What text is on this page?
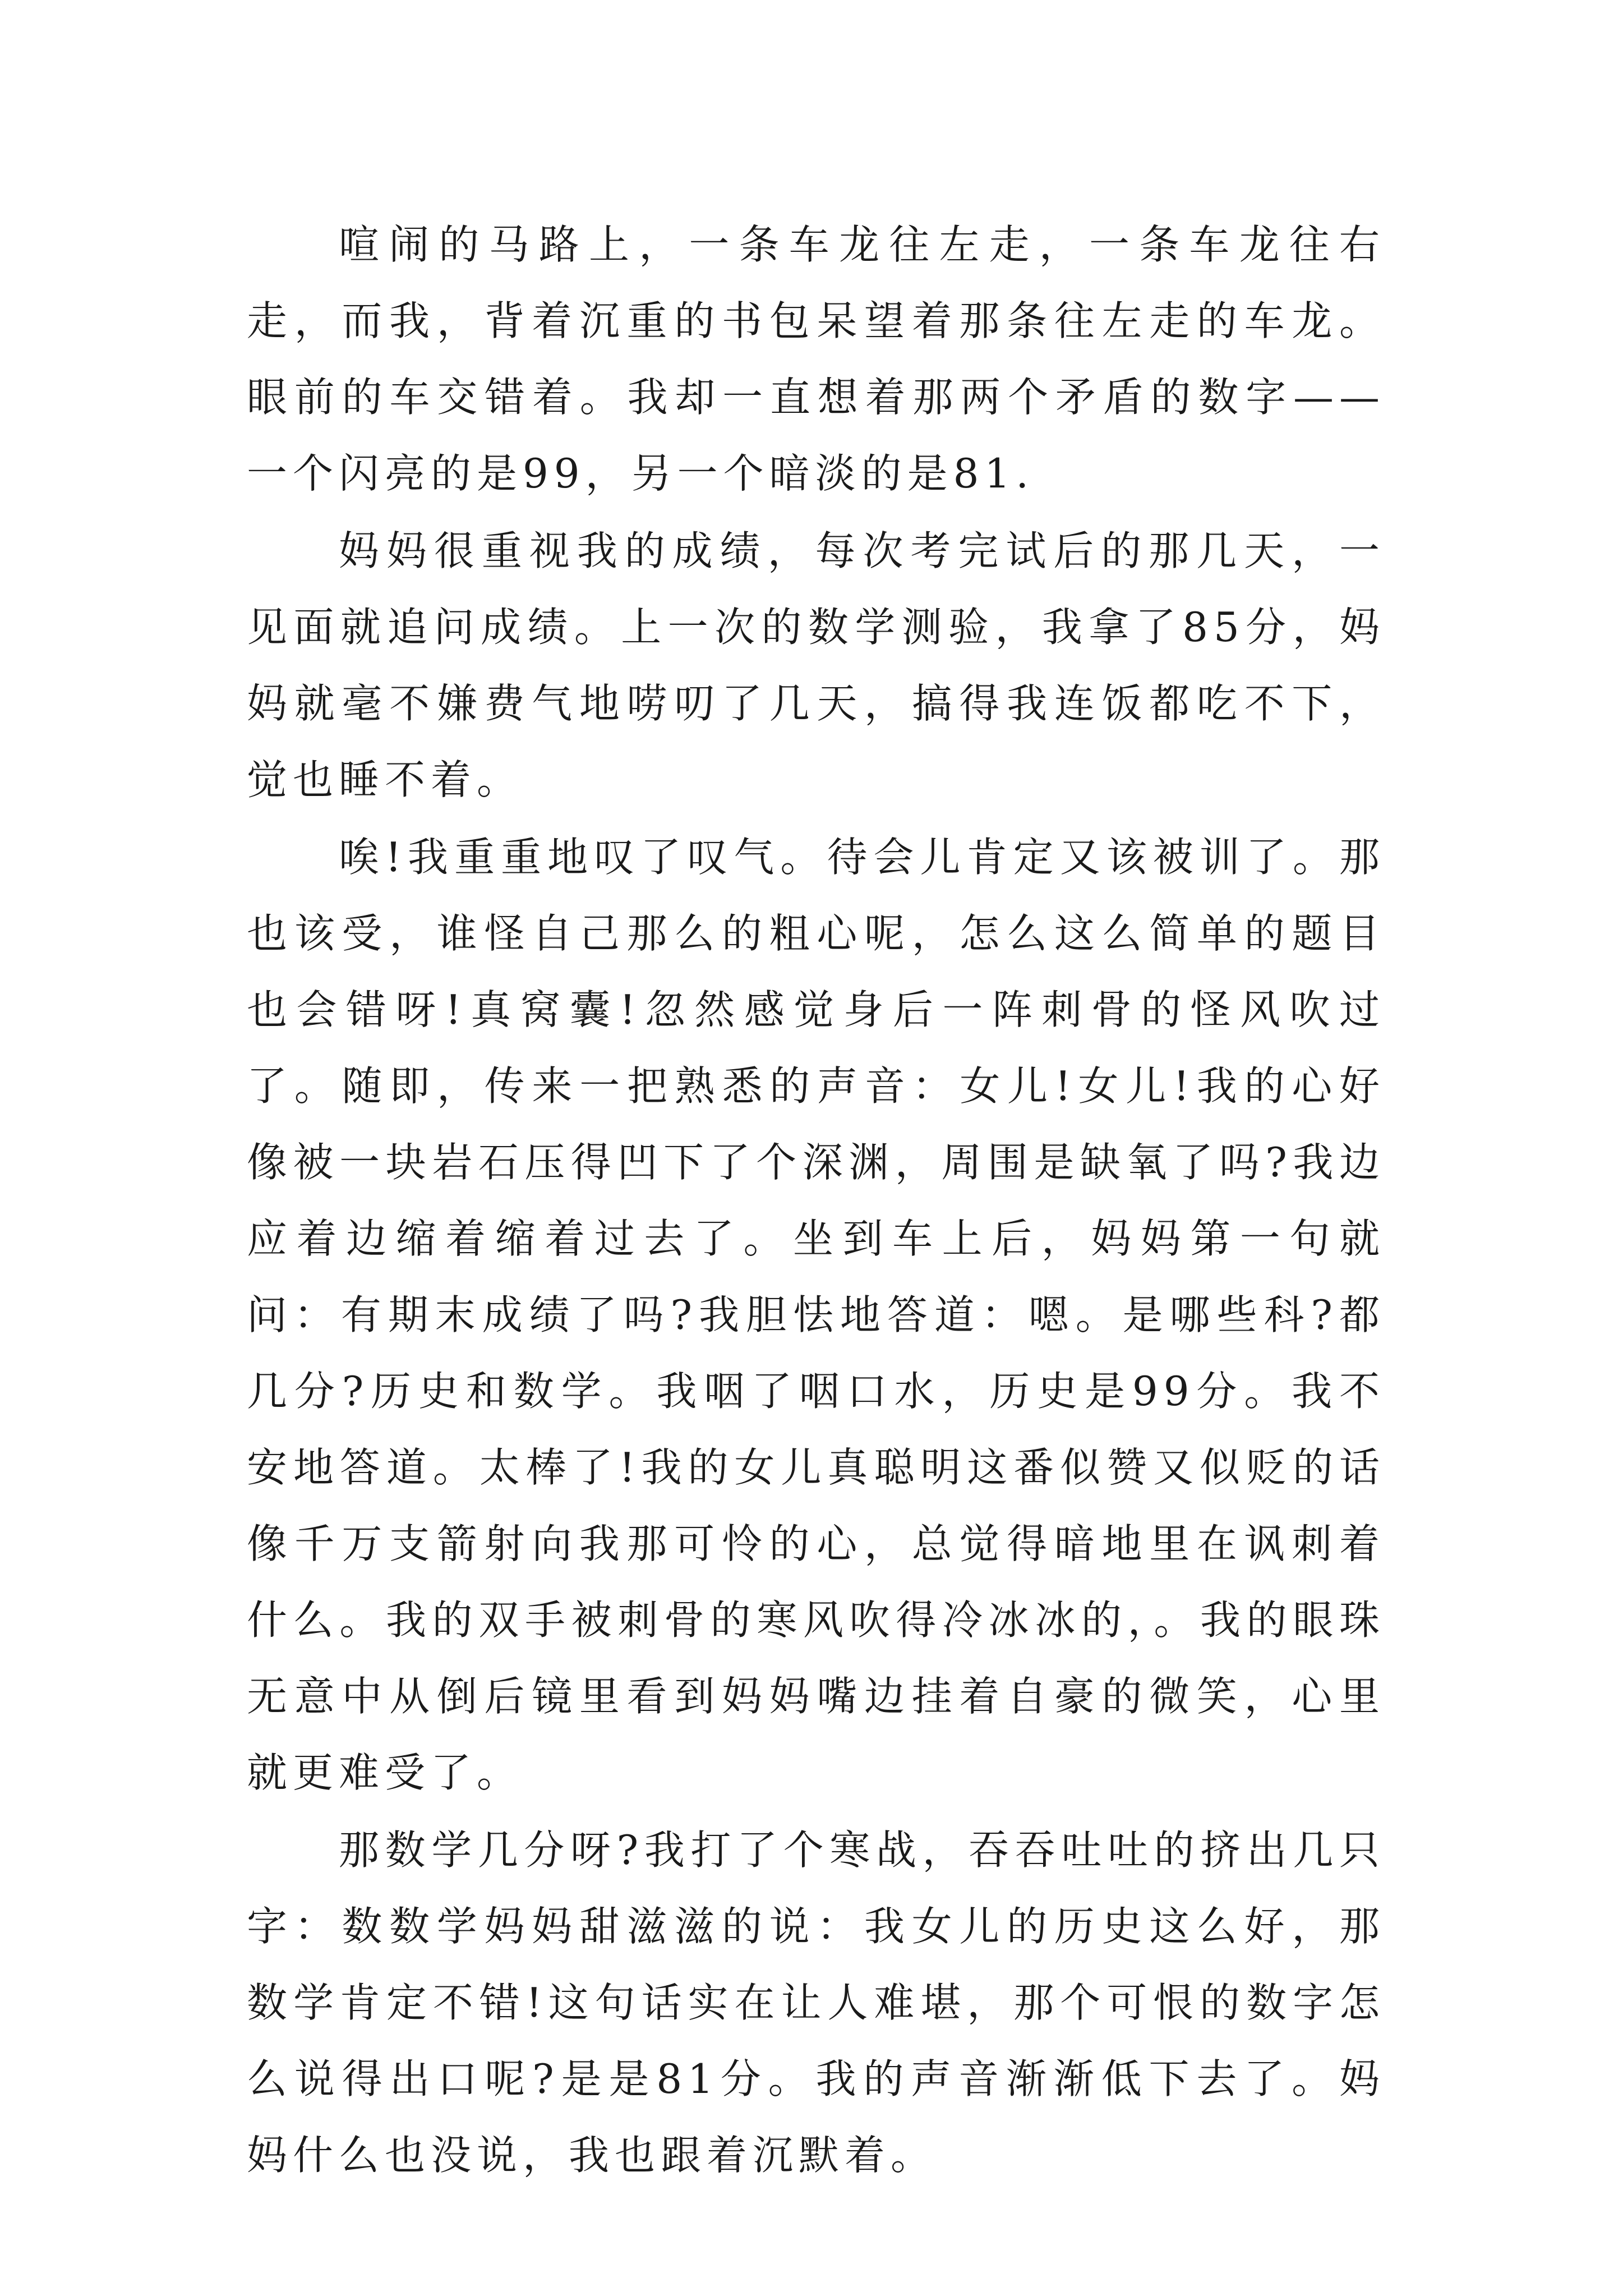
喧闹的马路上，一条车龙往左走，一条车龙往右走，而我，背着沉重的书包呆望着那条往左走的车龙。眼前的车交错着。我却一直想着那两个矛盾的数字——一个闪亮的是99，另一个暗淡的是81.

妈妈很重视我的成绩，每次考完试后的那几天，一见面就追问成绩。上一次的数学测验，我拿了85分，妈妈就毫不嫌费气地唠叨了几天，搞得我连饭都吃不下，觉也睡不着。

唉!我重重地叹了叹气。待会儿肯定又该被训了。那也该受，谁怪自己那么的粗心呢，怎么这么简单的题目也会错呀!真窝囊!忽然感觉身后一阵刺骨的怪风吹过了。随即，传来一把熟悉的声音：女儿!女儿!我的心好像被一块岩石压得凹下了个深渊，周围是缺氧了吗?我边应着边缩着缩着过去了。坐到车上后，妈妈第一句就问：有期末成绩了吗?我胆怯地答道：嗯。是哪些科?都几分?历史和数学。我咽了咽口水，历史是99分。我不安地答道。太棒了!我的女儿真聪明这番似赞又似贬的话像千万支箭射向我那可怜的心，总觉得暗地里在讽刺着什么。我的双手被刺骨的寒风吹得冷冰冰的，。我的眼珠无意中从倒后镜里看到妈妈嘴边挂着自豪的微笑，心里就更难受了。

那数学几分呀?我打了个寒战，吞吞吐吐的挤出几只字：数数学妈妈甜滋滋的说：我女儿的历史这么好，那数学肯定不错!这句话实在让人难堪，那个可恨的数字怎么说得出口呢?是是81分。我的声音渐渐低下去了。妈妈什么也没说，我也跟着沉默着。
